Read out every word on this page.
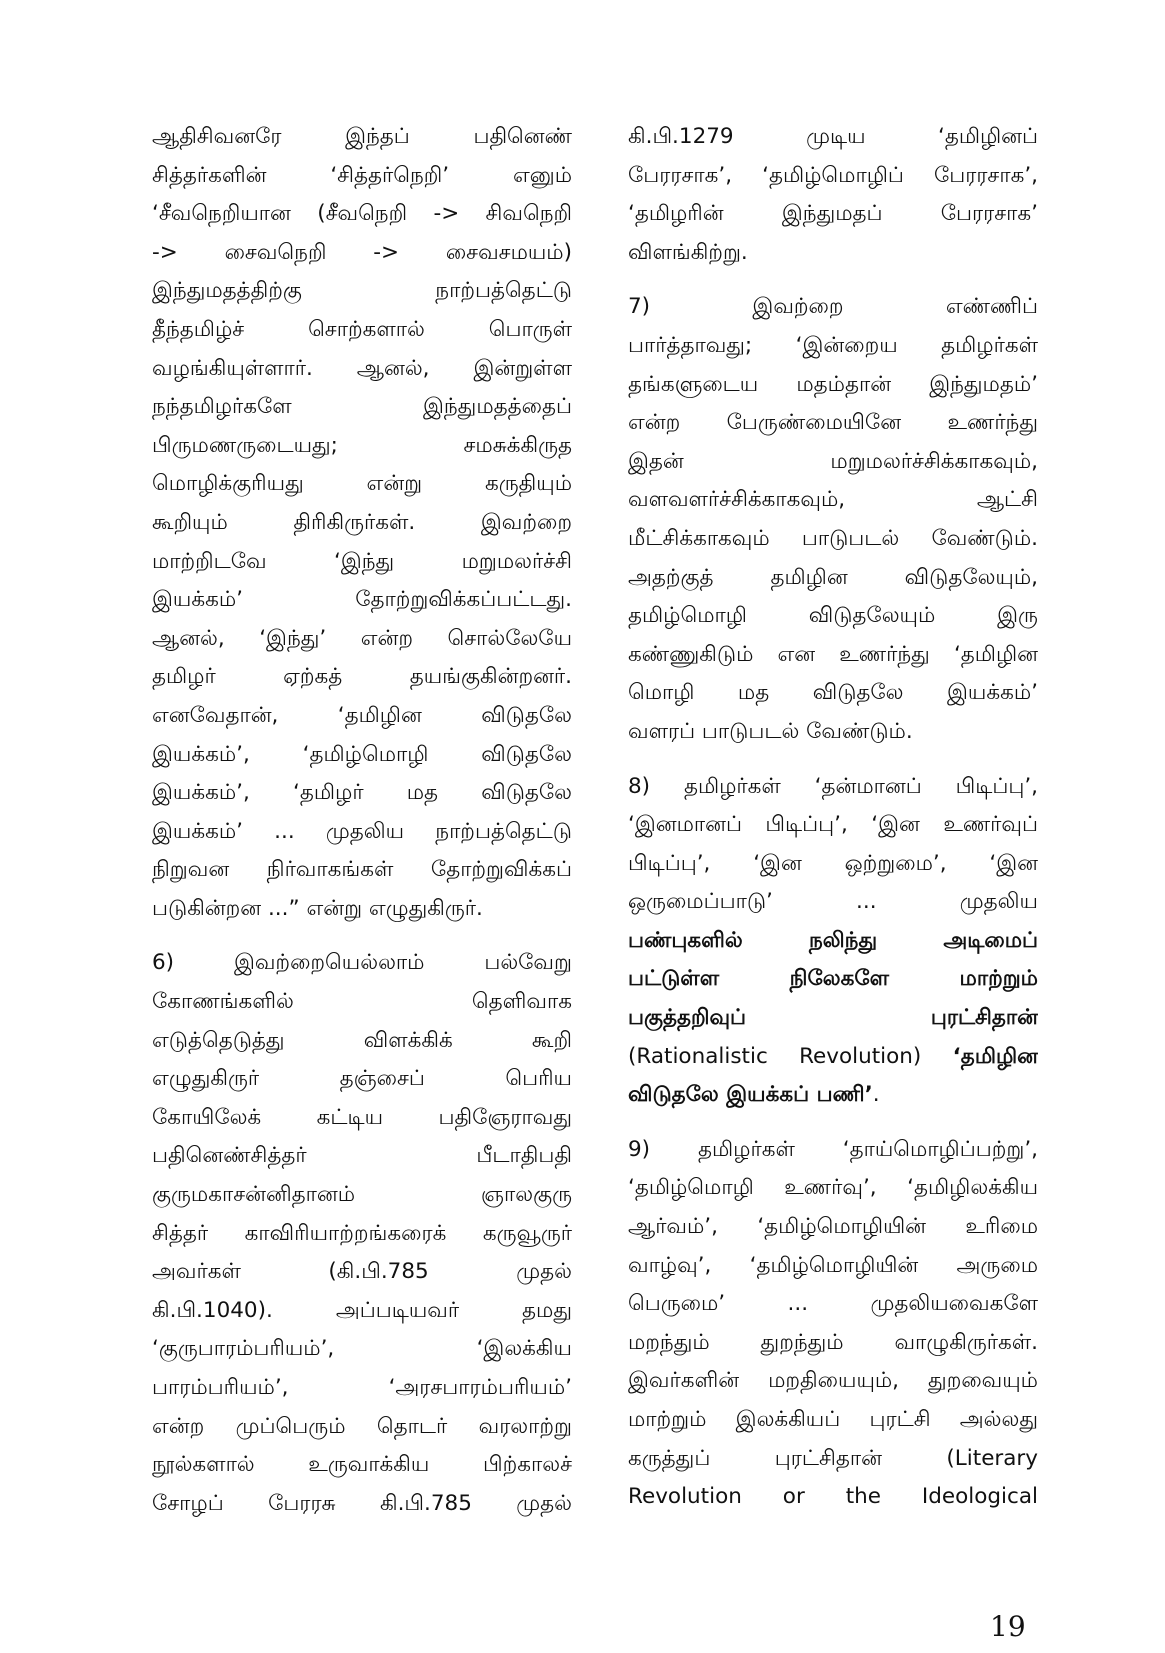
ஆதிசிவனரே இந்தப் பதினெண்
சித்தர்களின் ‘சித்தர்நெறி’ எனும்
‘சீவநெறியான (சீவநெறி -> சிவநெறி
-> சைவநெறி -> சைவசமயம்)
இந்துமதத்திற்கு நாற்பத்தெட்டு
தீந்தமிழ்ச் சொற்களால் பொருள்
வழங்கியுள்ளார். ஆனல், இன்றுள்ள
நந்தமிழர்களே இந்துமதத்தைப்
பிருமணருடையது; சமசுக்கிருத
மொழிக்குரியது என்று கருதியும்
கூறியும் திரிகிருர்கள். இவற்றை
மாற்றிடவே ‘இந்து மறுமலர்ச்சி
இயக்கம்’ தோற்றுவிக்கப்பட்டது.
ஆனல், ‘இந்து’ என்ற சொல்லேயே
தமிழர் ஏற்கத் தயங்குகின்றனர்.
எனவேதான், ‘தமிழின விடுதலே
இயக்கம்’, ‘தமிழ்மொழி விடுதலே
இயக்கம்’, ‘தமிழர் மத விடுதலே
இயக்கம்’ ... முதலிய நாற்பத்தெட்டு
நிறுவன நிர்வாகங்கள் தோற்றுவிக்கப்
படுகின்றன ...” என்று எழுதுகிருர்.
6) இவற்றையெல்லாம் பல்வேறு
கோணங்களில் தெளிவாக
எடுத்தெடுத்து விளக்கிக் கூறி
எழுதுகிருர் தஞ்சைப் பெரிய
கோயிலேக் கட்டிய பதிஞேராவது
பதினெண்சித்தர் பீடாதிபதி
குருமகாசன்னிதானம் ஞாலகுரு
சித்தர் காவிரியாற்றங்கரைக் கருவூருர்
அவர்கள் (கி.பி.785 முதல்
கி.பி.1040). அப்படியவர் தமது
‘குருபாரம்பரியம்’, ‘இலக்கிய
பாரம்பரியம்’, ‘அரசபாரம்பரியம்’
என்ற முப்பெரும் தொடர் வரலாற்று
நூல்களால் உருவாக்கிய பிற்காலச்
சோழப் பேரரசு கி.பி.785 முதல்
கி.பி.1279 முடிய ‘தமிழினப்
பேரரசாக’, ‘தமிழ்மொழிப் பேரரசாக’,
‘தமிழரின் இந்துமதப் பேரரசாக’
விளங்கிற்று.
7) இவற்றை எண்ணிப்
பார்த்தாவது; ‘இன்றைய தமிழர்கள்
தங்களுடைய மதம்தான் இந்துமதம்’
என்ற பேருண்மையினே உணர்ந்து
இதன் மறுமலர்ச்சிக்காகவும்,
வளவளர்ச்சிக்காகவும், ஆட்சி
மீட்சிக்காகவும் பாடுபடல் வேண்டும்.
அதற்குத் தமிழின விடுதலேயும்,
தமிழ்மொழி விடுதலேயும் இரு
கண்ணுகிடும் என உணர்ந்து ‘தமிழின
மொழி மத விடுதலே இயக்கம்’
வளரப் பாடுபடல் வேண்டும்.
8) தமிழர்கள் ‘தன்மானப் பிடிப்பு’,
‘இனமானப் பிடிப்பு’, ‘இன உணர்வுப்
பிடிப்பு’, ‘இன ஒற்றுமை’, ‘இன
ஒருமைப்பாடு’ ... முதலிய
பண்புகளில் நலிந்து அடிமைப்
பட்டுள்ள நிலேகளே மாற்றும்
பகுத்தறிவுப் புரட்சிதான்
(Rationalistic Revolution) ‘தமிழின
விடுதலே இயக்கப் பணி’.
9) தமிழர்கள் ‘தாய்மொழிப்பற்று’,
‘தமிழ்மொழி உணர்வு’, ‘தமிழிலக்கிய
ஆர்வம்’, ‘தமிழ்மொழியின் உரிமை
வாழ்வு’, ‘தமிழ்மொழியின் அருமை
பெருமை’ ... முதலியவைகளே
மறந்தும் துறந்தும் வாழுகிருர்கள்.
இவர்களின் மறதியையும், துறவையும்
மாற்றும் இலக்கியப் புரட்சி அல்லது
கருத்துப் புரட்சிதான் (Literary
Revolution or the Ideological
19
